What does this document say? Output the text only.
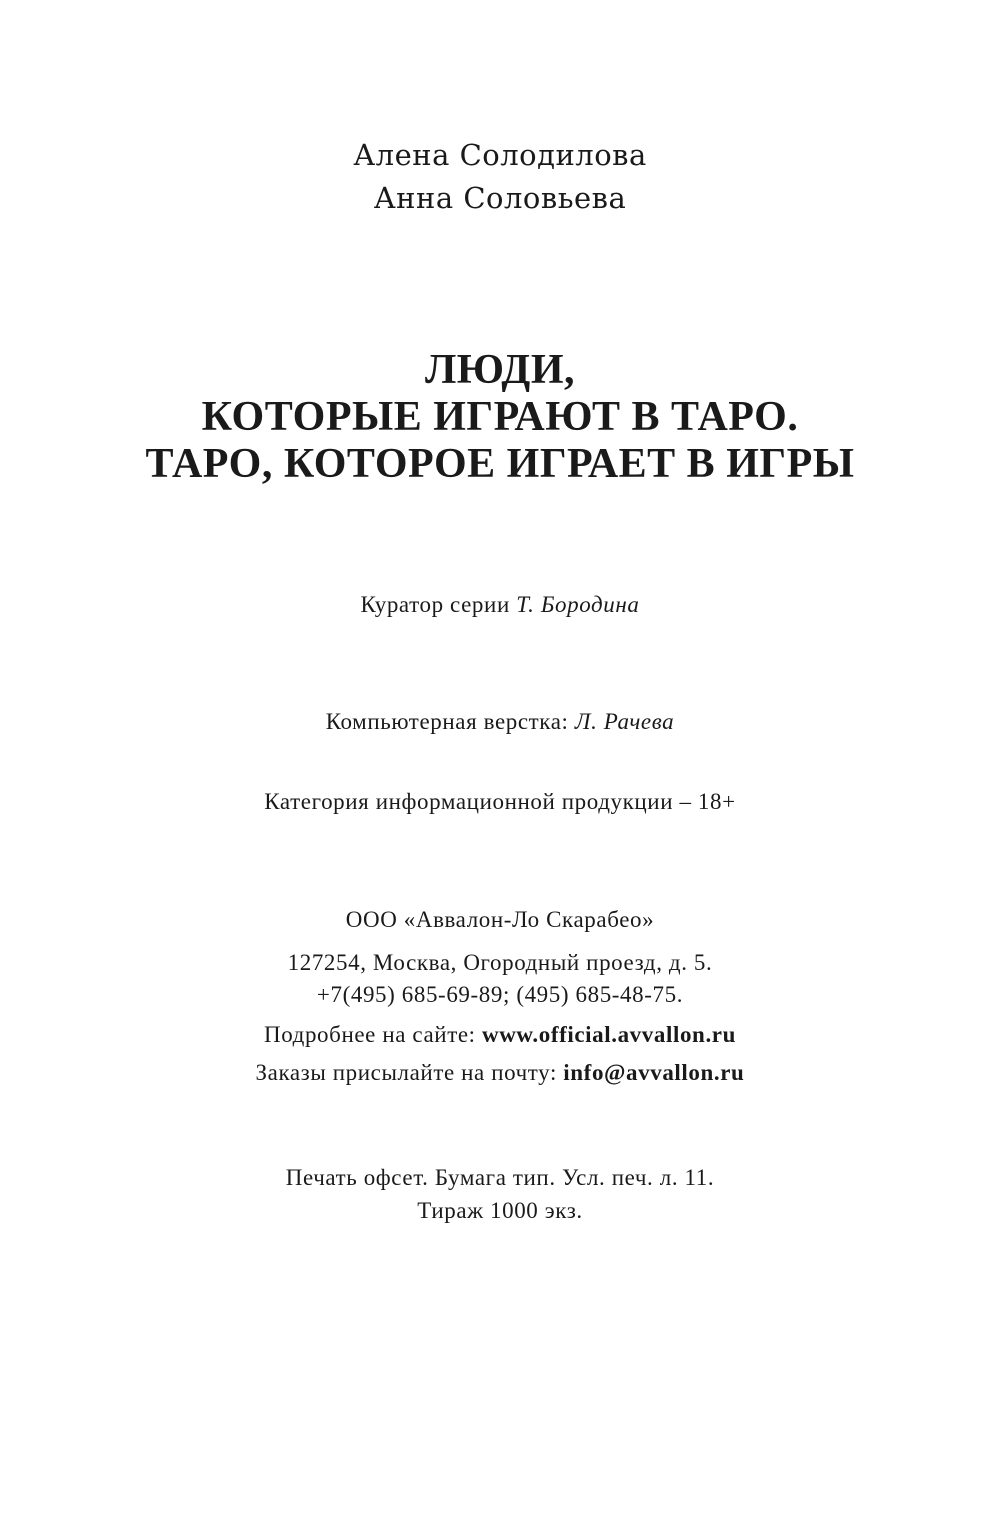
Алена Солодилова
Анна Соловьева
ЛЮДИ,
КОТОРЫЕ ИГРАЮТ В ТАРО.
ТАРО, КОТОРОЕ ИГРАЕТ В ИГРЫ
Куратор серии Т. Бородина
Компьютерная верстка: Л. Рачева
Категория информационной продукции – 18+
ООО «Аввалон-Ло Скарабео»
127254, Москва, Огородный проезд, д. 5.
+7(495) 685-69-89; (495) 685-48-75.
Подробнее на сайте: www.official.avvallon.ru
Заказы присылайте на почту: info@avvallon.ru
Печать офсет. Бумага тип. Усл. печ. л. 11.
Тираж 1000 экз.
